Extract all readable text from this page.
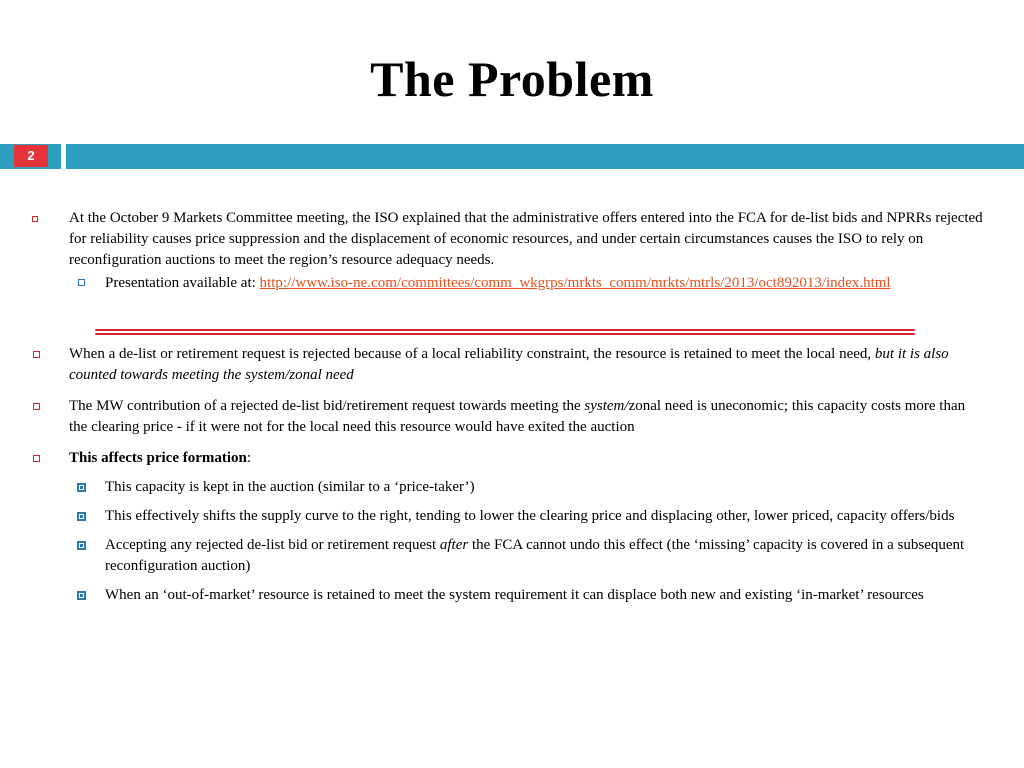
The Problem
2
At the October 9 Markets Committee meeting, the ISO explained that the administrative offers entered into the FCA for de-list bids and NPRRs rejected for reliability causes price suppression and the displacement of economic resources, and under certain circumstances causes the ISO to rely on reconfiguration auctions to meet the region’s resource adequacy needs.
Presentation available at: http://www.iso-ne.com/committees/comm_wkgrps/mrkts_comm/mrkts/mtrls/2013/oct892013/index.html
When a de-list or retirement request is rejected because of a local reliability constraint, the resource is retained to meet the local need, but it is also counted towards meeting the system/zonal need
The MW contribution of a rejected de-list bid/retirement request towards meeting the system/zonal need is uneconomic; this capacity costs more than the clearing price - if it were not for the local need this resource would have exited the auction
This affects price formation:
This capacity is kept in the auction (similar to a ‘price-taker’)
This effectively shifts the supply curve to the right, tending to lower the clearing price and displacing other, lower priced, capacity offers/bids
Accepting any rejected de-list bid or retirement request after the FCA cannot undo this effect (the ‘missing’ capacity is covered in a subsequent reconfiguration auction)
When an ‘out-of-market’ resource is retained to meet the system requirement it can displace both new and existing ‘in-market’ resources
